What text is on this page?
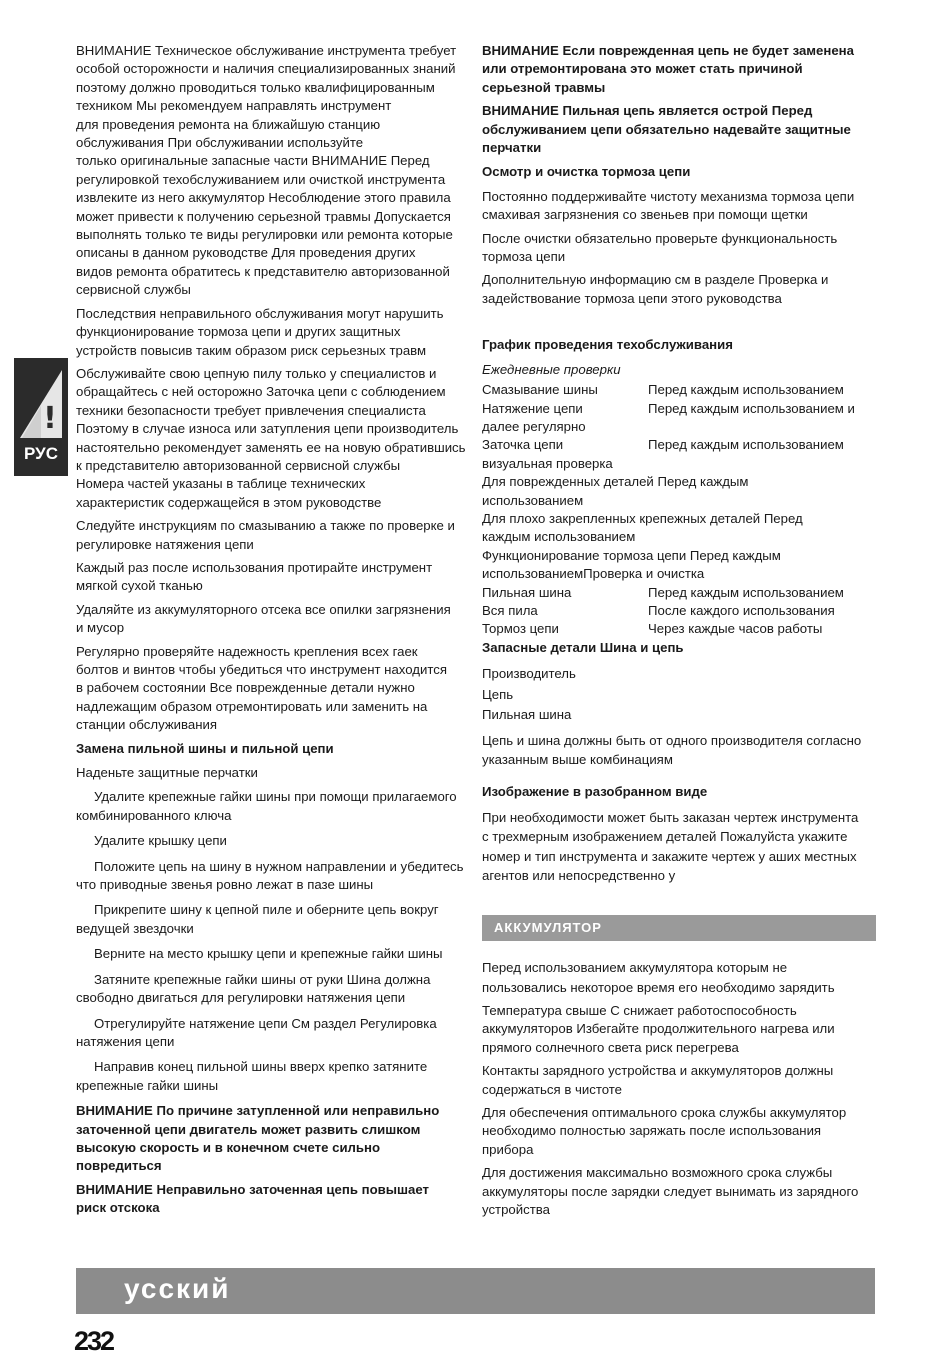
ВНИМАНИЕ Техническое обслуживание инструмента требует
особой осторожности и наличия специализированных знаний
поэтому должно проводиться только квалифицированным
техником Мы рекомендуем направлять инструмент
для проведения ремонта на ближайшую станцию
обслуживания При обслуживании используйте
только оригинальные запасные части ВНИМАНИЕ Перед
регулировкой техобслуживанием или очисткой инструмента
извлеките из него аккумулятор Несоблюдение этого правила
может привести к получению серьезной травмы Допускается
выполнять только те виды регулировки или ремонта которые
описаны в данном руководстве Для проведения других
видов ремонта обратитесь к представителю авторизованной
сервисной службы

Последствия неправильного обслуживания могут нарушить
функционирование тормоза цепи и других защитных
устройств повысив таким образом риск серьезных травм

Обслуживайте свою цепную пилу только у специалистов и
обращайтесь с ней осторожно Заточка цепи с соблюдением
техники безопасности требует привлечения специалиста
Поэтому в случае износа или затупления цепи производитель
настоятельно рекомендует заменять ее на новую обратившись
к представителю авторизованной сервисной службы
Номера частей указаны в таблице технических
характеристик содержащейся в этом руководстве

Следуйте инструкциям по смазыванию а также по проверке и
регулировке натяжения цепи

Каждый раз после использования протирайте инструмент
мягкой сухой тканью

Удаляйте из аккумуляторного отсека все опилки загрязнения
и мусор

Регулярно проверяйте надежность крепления всех гаек
болтов и винтов чтобы убедиться что инструмент находится
в рабочем состоянии Все поврежденные детали нужно
надлежащим образом отремонтировать или заменить на
станции обслуживания

Замена пильной шины и пильной цепи

Наденьте защитные перчатки

Удалите крепежные гайки шины при помощи прилагаемого
комбинированного ключа

Удалите крышку цепи

Положите цепь на шину в нужном направлении и убедитесь
что приводные звенья ровно лежат в пазе шины

Прикрепите шину к цепной пиле и оберните цепь вокруг
ведущей звездочки

Верните на место крышку цепи и крепежные гайки шины

Затяните крепежные гайки шины от руки Шина должна
свободно двигаться для регулировки натяжения цепи

Отрегулируйте натяжение цепи См раздел Регулировка
натяжения цепи

Направив конец пильной шины вверх крепко затяните
крепежные гайки шины

ВНИМАНИЕ По причине затупленной или неправильно
заточенной цепи двигатель может развить слишком
высокую скорость и в конечном счете сильно
повредиться

ВНИМАНИЕ Неправильно заточенная цепь повышает
риск отскока

ВНИМАНИЕ Если поврежденная цепь не будет заменена
или отремонтирована это может стать причиной
серьезной травмы

ВНИМАНИЕ Пильная цепь является острой Перед
обслуживанием цепи обязательно надевайте защитные
перчатки

Осмотр и очистка тормоза цепи

Постоянно поддерживайте чистоту механизма тормоза цепи
смахивая загрязнения со звеньев при помощи щетки

После очистки обязательно проверьте функциональность
тормоза цепи

Дополнительную информацию см в разделе Проверка и
задействование тормоза цепи этого руководства

График проведения техобслуживания

Ежедневные проверки

Смазывание шины	Перед каждым использованием
Натяжение цепи	Перед каждым использованием и
далее регулярно
Заточка цепи	Перед каждым использованием
визуальная проверка
Для поврежденных деталей Перед каждым
использованием
Для плохо закрепленных крепежных деталей Перед
каждым использованием
Функционирование тормоза цепи Перед каждым
использованиемПроверка и очистка
Пильная шина	Перед каждым использованием
Вся пила	После каждого использования
Тормоз цепи	Через каждые часов работы

Запасные детали Шина и цепь

Производитель

Цепь

Пильная шина

Цепь и шина должны быть от одного производителя согласно
указанным выше комбинациям

Изображение в разобранном виде

При необходимости может быть заказан чертеж инструмента
с трехмерным изображением деталей Пожалуйста укажите
номер и тип инструмента и закажите чертеж у аших местных
агентов или непосредственно у

АККУМУЛЯТОР

Перед использованием аккумулятора которым не
пользовались некоторое время его необходимо зарядить

Температура свыше C снижает работоспособность
аккумуляторов Избегайте продолжительного нагрева или
прямого солнечного света риск перегрева

Контакты зарядного устройства и аккумуляторов должны
содержаться в чистоте

Для обеспечения оптимального срока службы аккумулятор
необходимо полностью заряжать после использования
прибора

Для достижения максимально возможного срока службы
аккумуляторы после зарядки следует вынимать из зарядного
устройства

!
РУС
усский
232
